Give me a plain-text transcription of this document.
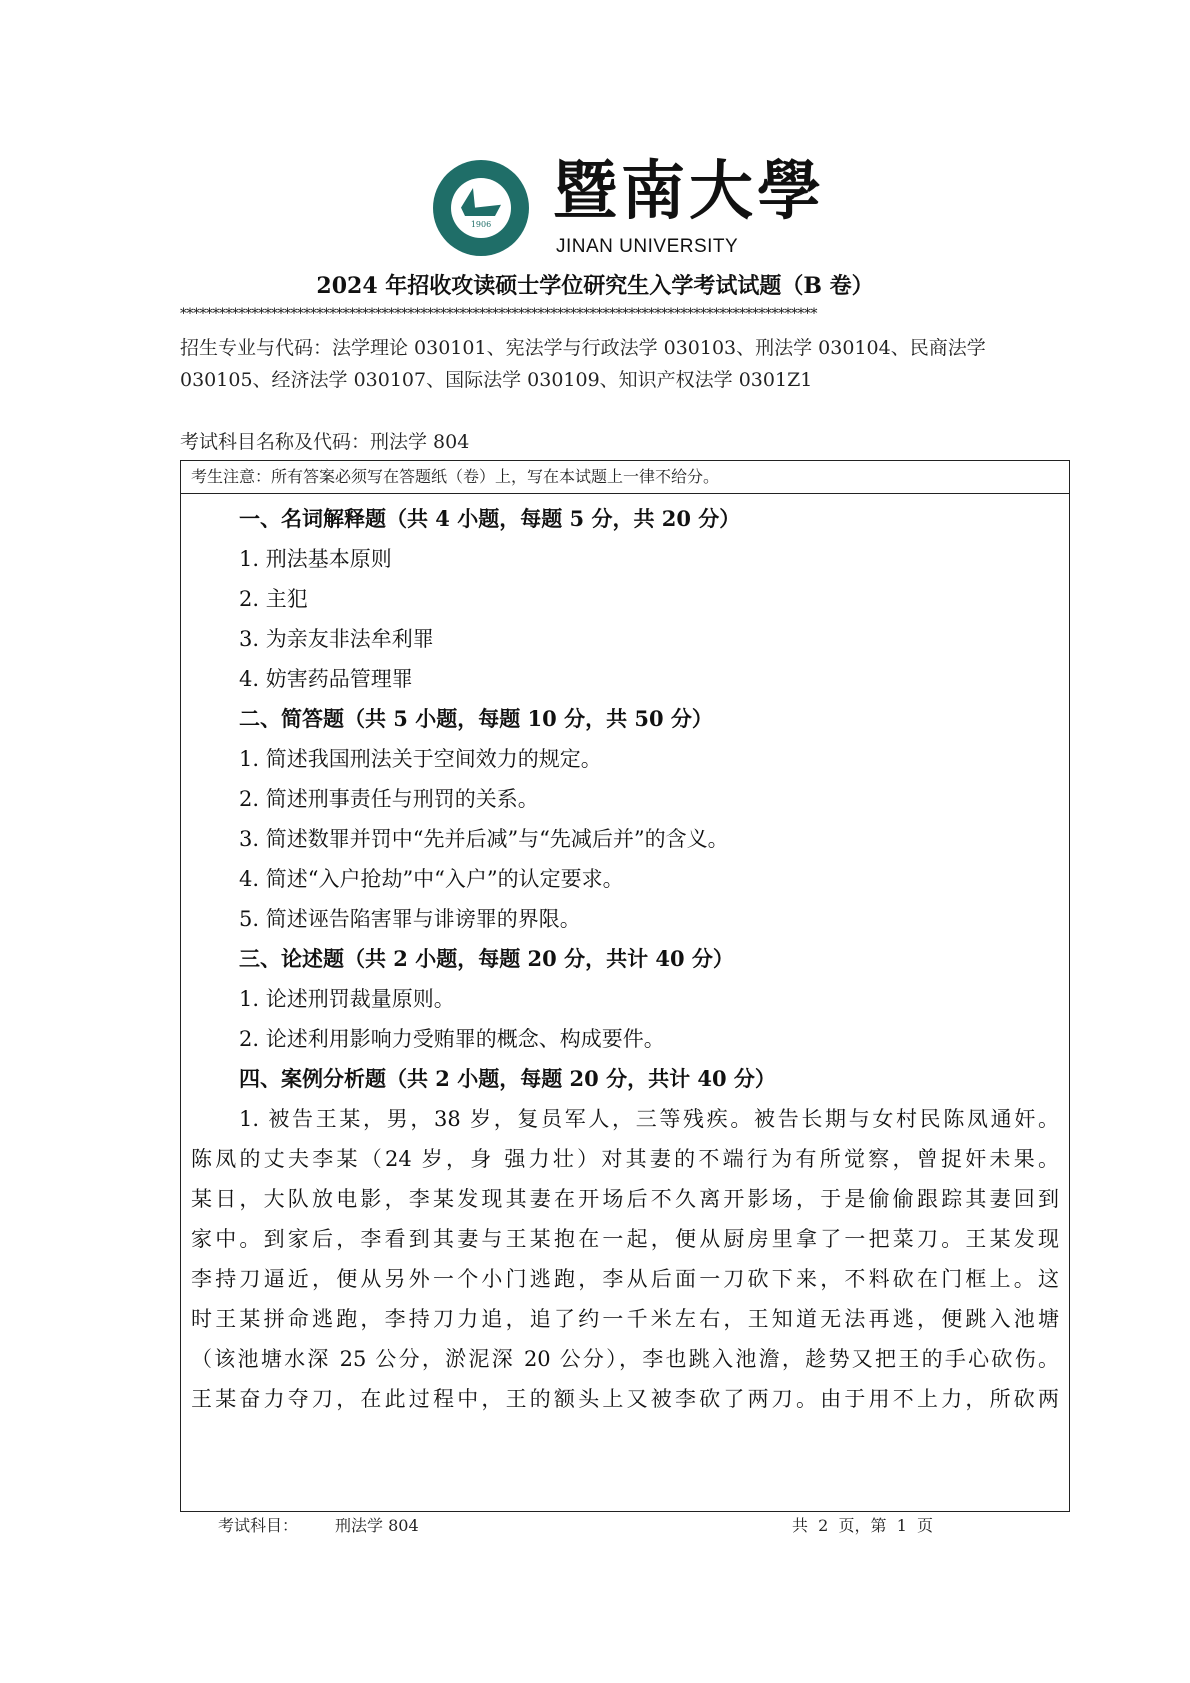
1906 暨南大學
JINAN UNIVERSITY
2024 年招收攻读硕士学位研究生入学考试试题（B 卷）
**************************************************************************************************
招生专业与代码：法学理论 030101、宪法学与行政法学 030103、刑法学 030104、民商法学
030105、经济法学 030107、国际法学 030109、知识产权法学 0301Z1
考试科目名称及代码：刑法学 804
考生注意：所有答案必须写在答题纸（卷）上，写在本试题上一律不给分。
一、名词解释题（共 4 小题，每题 5 分，共 20 分）
1. 刑法基本原则
2. 主犯
3. 为亲友非法牟利罪
4. 妨害药品管理罪
二、简答题（共 5 小题，每题 10 分，共 50 分）
1. 简述我国刑法关于空间效力的规定。
2. 简述刑事责任与刑罚的关系。
3. 简述数罪并罚中“先并后减”与“先减后并”的含义。
4. 简述“入户抢劫”中“入户”的认定要求。
5. 简述诬告陷害罪与诽谤罪的界限。
三、论述题（共 2 小题，每题 20 分，共计 40 分）
1. 论述刑罚裁量原则。
2. 论述利用影响力受贿罪的概念、构成要件。
四、案例分析题（共 2 小题，每题 20 分，共计 40 分）
1. 被告王某，男，38 岁，复员军人，三等残疾。被告长期与女村民陈凤通奸。
陈凤的丈夫李某（24 岁，身 强力壮）对其妻的不端行为有所觉察，曾捉奸未果。
某日，大队放电影，李某发现其妻在开场后不久离开影场，于是偷偷跟踪其妻回到
家中。到家后，李看到其妻与王某抱在一起，便从厨房里拿了一把菜刀。王某发现
李持刀逼近，便从另外一个小门逃跑，李从后面一刀砍下来，不料砍在门框上。这
时王某拼命逃跑，李持刀力追，追了约一千米左右，王知道无法再逃，便跳入池塘
（该池塘水深 25 公分，淤泥深 20 公分），李也跳入池澹，趁势又把王的手心砍伤。
王某奋力夺刀，在此过程中，王的额头上又被李砍了两刀。由于用不上力，所砍两
考试科目： 刑法学 804	共  2  页，第  1  页
